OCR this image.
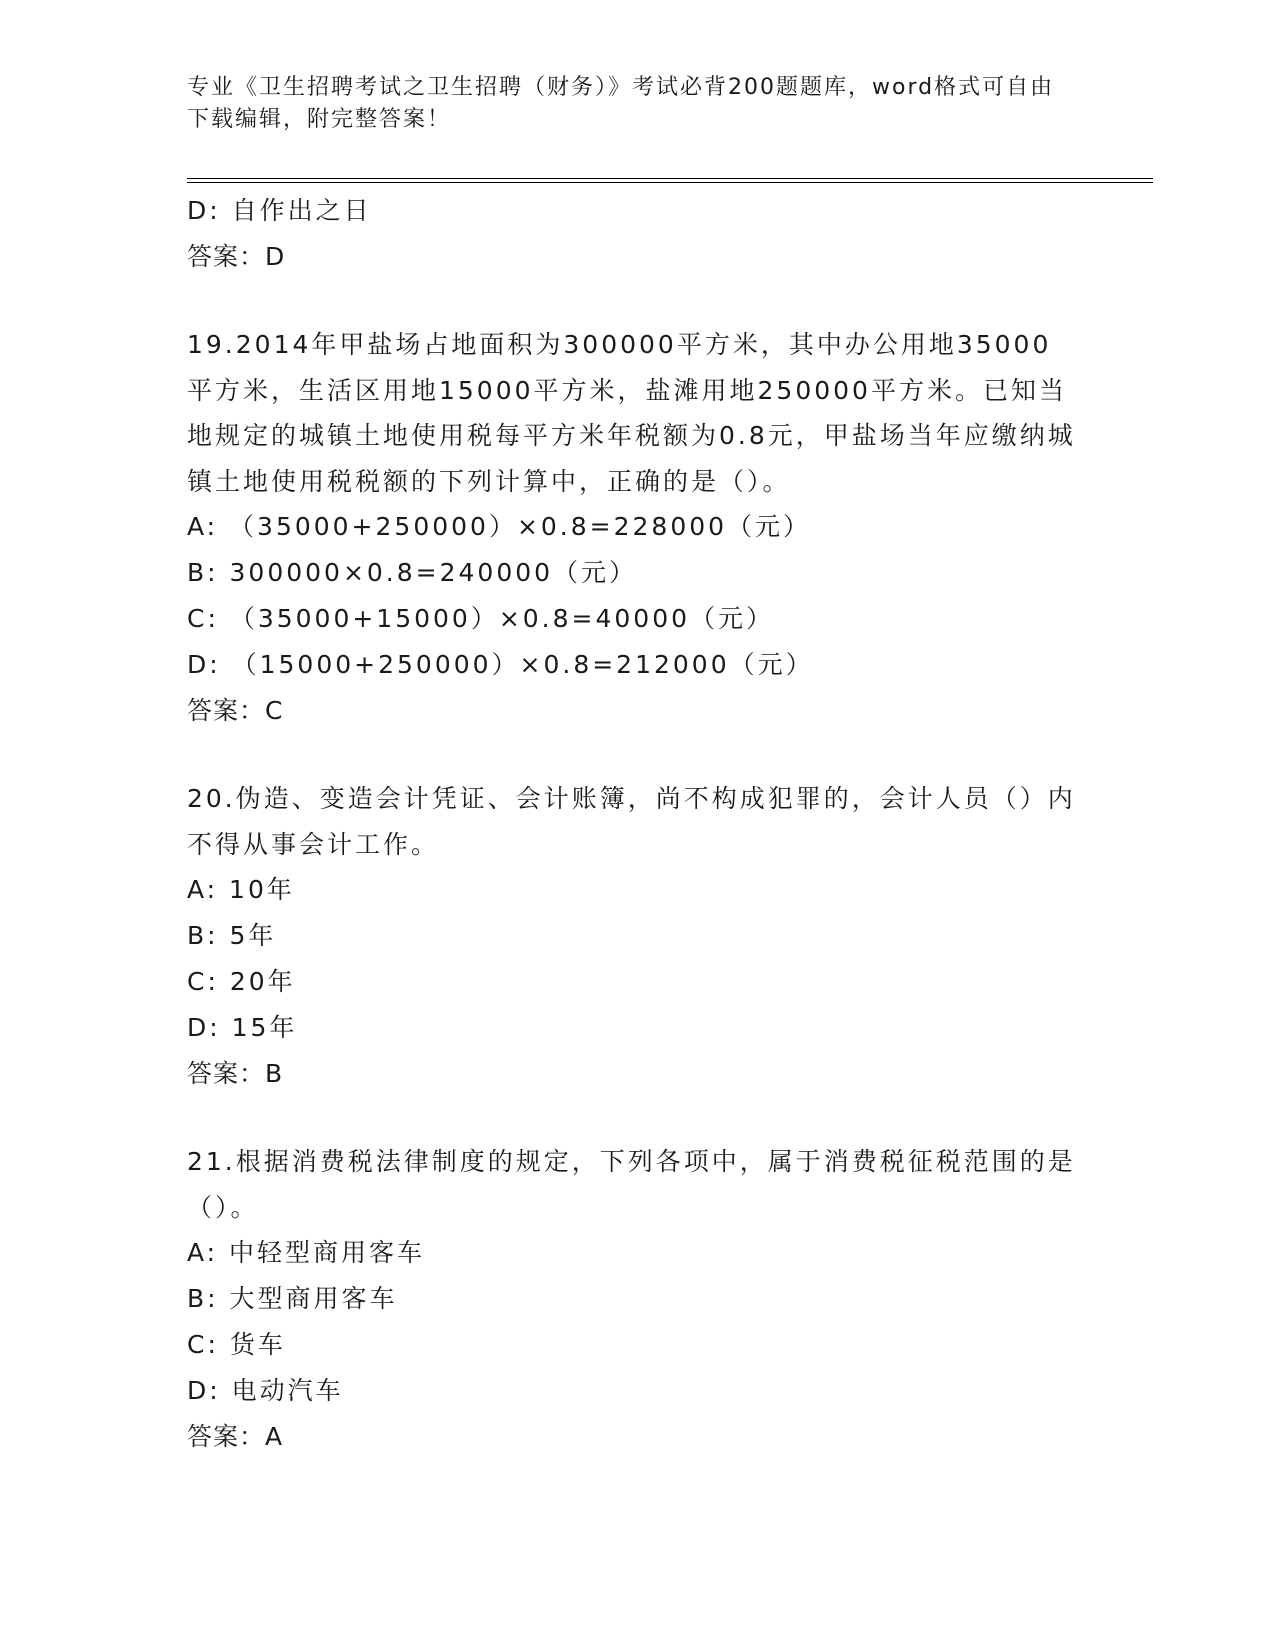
专业《卫生招聘考试之卫生招聘（财务）》考试必背200题题库，word格式可自由下载编辑，附完整答案！
D: 自作出之日
答案：D
19.2014年甲盐场占地面积为300000平方米，其中办公用地35000平方米，生活区用地15000平方米，盐滩用地250000平方米。已知当地规定的城镇土地使用税每平方米年税额为0.8元，甲盐场当年应缴纳城镇土地使用税税额的下列计算中，正确的是（）。
A: （35000+250000）×0.8=228000（元）
B: 300000×0.8=240000（元）
C: （35000+15000）×0.8=40000（元）
D: （15000+250000）×0.8=212000（元）
答案：C
20.伪造、变造会计凭证、会计账簿，尚不构成犯罪的，会计人员（）内不得从事会计工作。
A: 10年
B: 5年
C: 20年
D: 15年
答案：B
21.根据消费税法律制度的规定，下列各项中，属于消费税征税范围的是（）。
A: 中轻型商用客车
B: 大型商用客车
C: 货车
D: 电动汽车
答案：A
